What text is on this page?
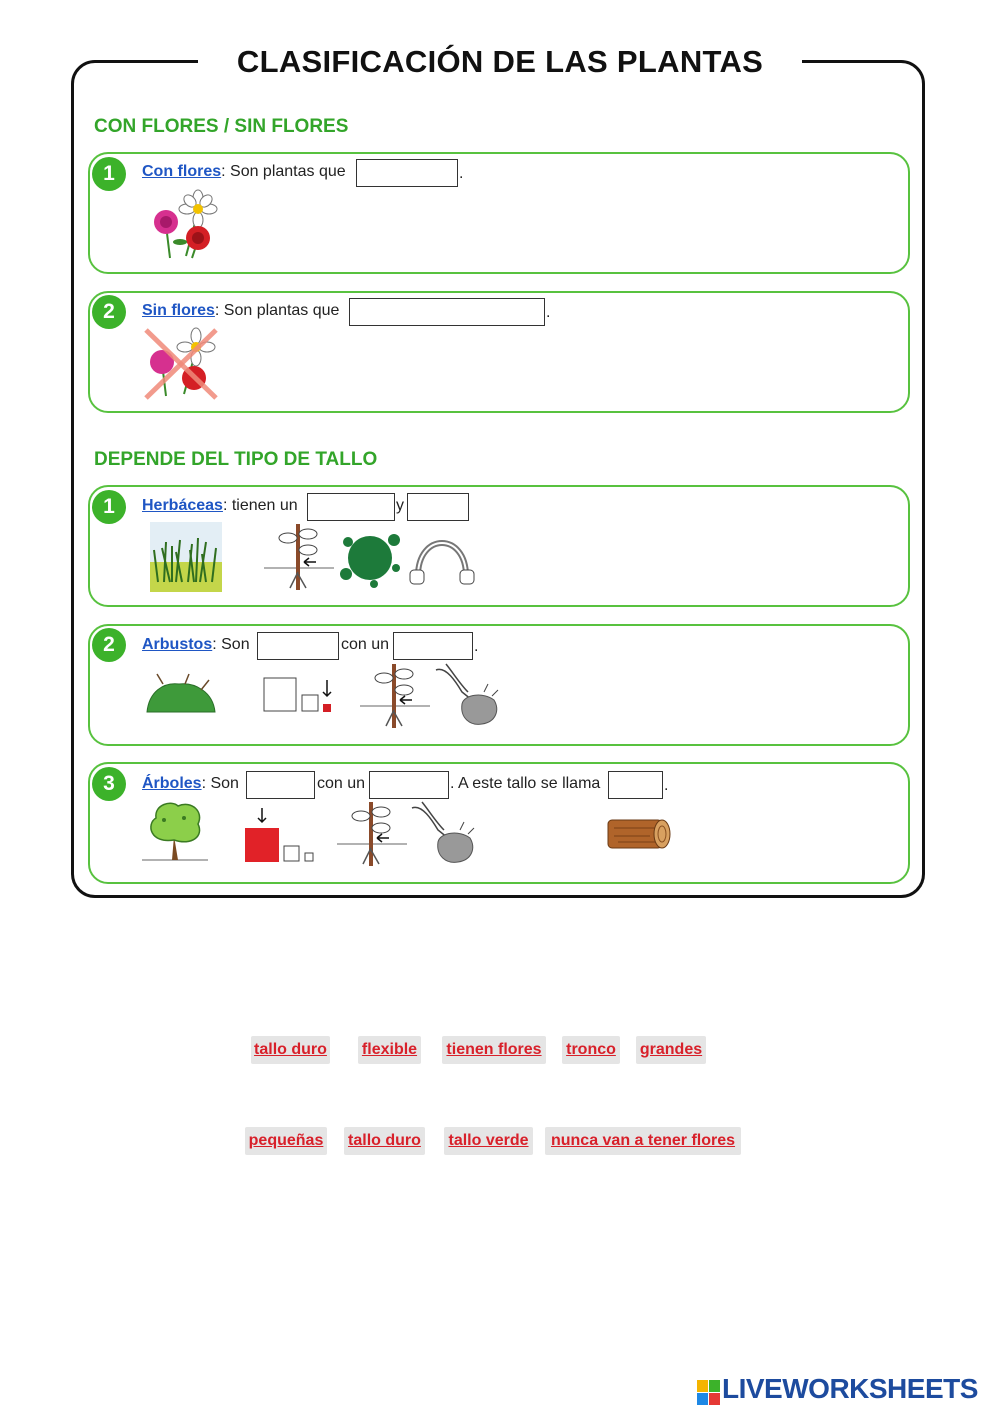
CLASIFICACIÓN DE LAS PLANTAS
CON FLORES / SIN FLORES
1	Con flores: Son plantas que	.
2	Sin flores: Son plantas que	.
DEPENDE DEL TIPO DE TALLO
1	Herbáceas: tienen un	y
2	Arbustos: Son	con un	.
3	Árboles: Son	con un	. A este tallo se llama	.
tallo duro flexible tienen flores tronco grandes
pequeñas tallo duro tallo verde	nunca van a tener flores
LIVEWORKSHEETS
